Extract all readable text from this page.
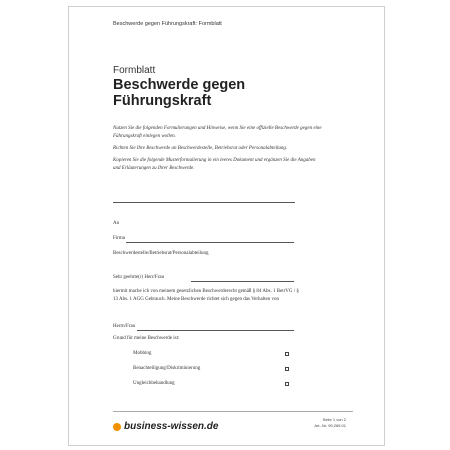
Beschwerde gegen Führungskraft: Formblatt
Formblatt
Beschwerde gegen Führungskraft

Nutzen Sie die folgenden Formulierungen und Hinweise, wenn Sie eine offizielle Beschwerde gegen eine Führungskraft einlegen wollen.

Richten Sie Ihre Beschwerde an Beschwerdestelle, Betriebsrat oder Personalabteilung.

Kopieren Sie die folgende Musterformulierung in ein leeres Dokument und ergänzen Sie die Angaben und Erläuterungen zu Ihrer Beschwerde.

An
Firma
Beschwerdestelle/Betriebsrat/Personalabteilung
Sehr geehrte(r) Herr/Frau
hiermit mache ich von meinem gesetzlichen Beschwerderecht gemäß § 84 Abs. 1 BetrVG / § 13 Abs. 1 AGG Gebrauch. Meine Beschwerde richtet sich gegen das Verhalten von
Herrn/Frau
Grund für meine Beschwerde ist:
Mobbing
Benachteiligung/Diskriminierung
Ungleichbehandlung
business-wissen.de
Seite 1 von 2
Art.-Nr. 99.265.01
